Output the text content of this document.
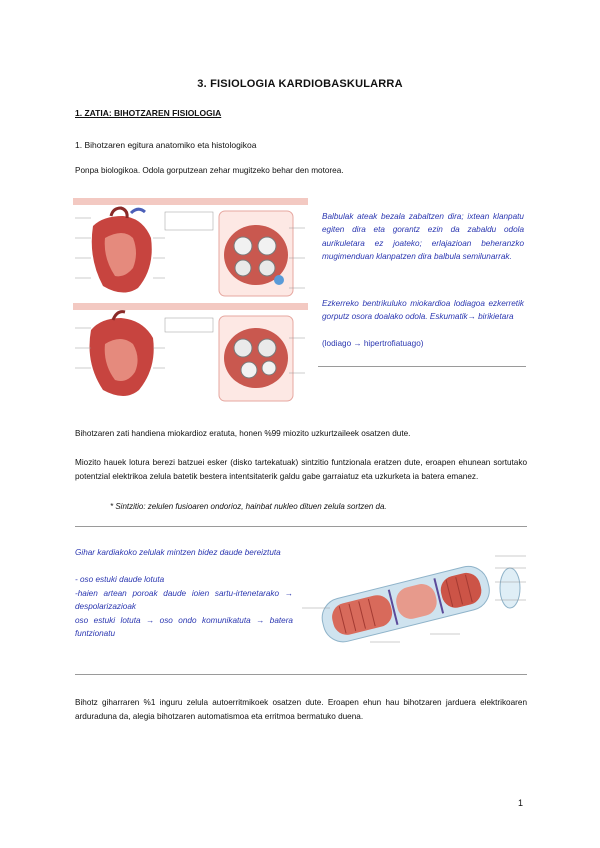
3. FISIOLOGIA KARDIOBASKULARRA
1. ZATIA: BIHOTZAREN FISIOLOGIA
1. Bihotzaren egitura anatomiko eta histologikoa
Ponpa biologikoa. Odola gorputzean zehar mugitzeko behar den motorea.
Balbulak ateak bezala zabaltzen dira; ixtean klanpatu egiten dira eta gorantz ezin da zabaldu odola aurikuletara ez joateko; erlajazioan beheranzko mugimenduan klanpatzen dira balbula semilunarrak.
Ezkerreko bentrikuluko miokardioa lodiagoa ezkerretik gorputz osora doalako odola. Eskumatik→ birikietara
(lodiago → hipertrofiatuago)
Bihotzaren zati handiena miokardioz eratuta, honen %99 miozito uzkurtzaileek osatzen dute.
Miozito hauek lotura berezi batzuei esker (disko tartekatuak) sintzitio funtzionala eratzen dute, eroapen ehunean sortutako potentzial elektrikoa zelula batetik bestera intentsitaterik galdu gabe garraiatuz eta uzkurketa ia batera emanez.
* Sintzitio: zelulen fusioaren ondorioz, hainbat nukleo dituen zelula sortzen da.
Gihar kardiakoko zelulak mintzen bidez daude bereiztuta
- oso estuki daude lotuta
-haien artean poroak daude ioien sartu-irtenetarako → despolarizazioak
oso estuki lotuta → oso ondo komunikatuta → batera funtzionatu
Bihotz giharraren %1 inguru zelula autoerritmikoek osatzen dute. Eroapen ehun hau bihotzaren jarduera elektrikoaren arduraduna da, alegia bihotzaren automatismoa eta erritmoa bermatuko duena.
1
